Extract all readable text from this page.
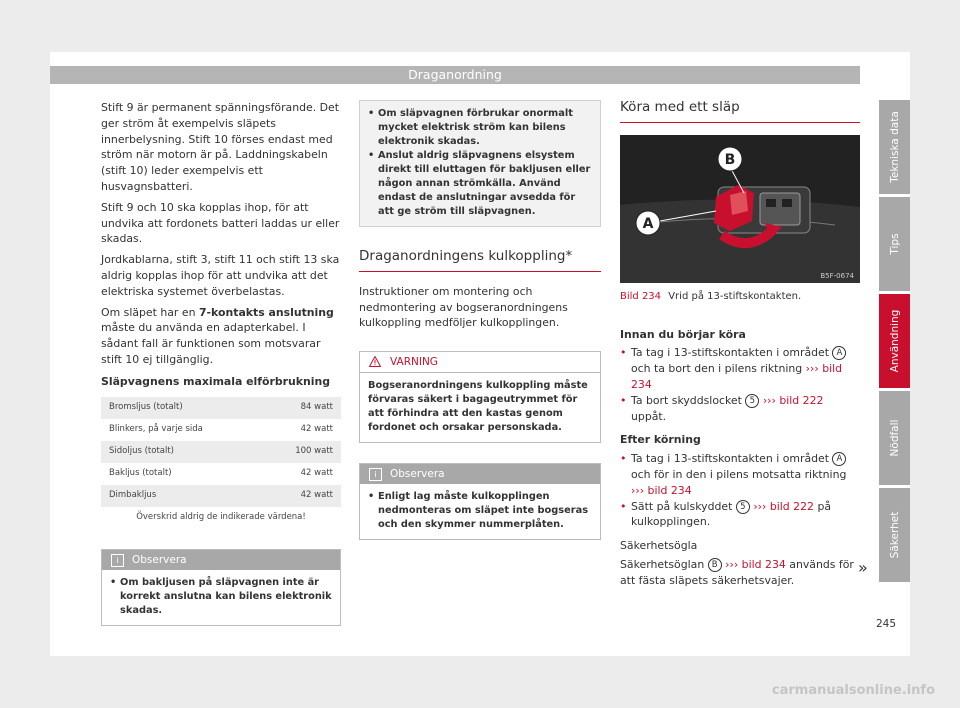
Draganordning

Stift 9 är permanent spänningsförande. Det ger ström åt exempelvis släpets innerbelysning. Stift 10 förses endast med ström när motorn är på. Laddningskabeln (stift 10) leder exempelvis ett husvagnsbatteri.

Stift 9 och 10 ska kopplas ihop, för att undvika att fordonets batteri laddas ur eller skadas.

Jordkablarna, stift 3, stift 11 och stift 13 ska aldrig kopplas ihop för att undvika att det elektriska systemet överbelastas.

Om släpet har en 7-kontakts anslutning måste du använda en adapterkabel. I sådant fall är funktionen som motsvarar stift 10 ej tillgänglig.

Släpvagnens maximala elförbrukning
Bromsljus (totalt)	84 watt
Blinkers, på varje sida	42 watt
Sidoljus (totalt)	100 watt
Bakljus (totalt)	42 watt
Dimbakljus	42 watt
Överskrid aldrig de indikerade värdena!	
i	Observera
• Om bakljusen på släpvagnen inte är korrekt anslutna kan bilens elektronik skadas.
• Om släpvagnen förbrukar onormalt mycket elektrisk ström kan bilens elektronik skadas.
• Anslut aldrig släpvagnens elsystem direkt till eluttagen för bakljusen eller någon annan strömkälla. Använd endast de anslutningar avsedda för att ge ström till släpvagnen.
Draganordningens kulkoppling*

Instruktioner om montering och nedmontering av bogseranordningens kulkoppling medföljer kulkopplingen.

VARNING
Bogseranordningens kulkoppling måste förvaras säkert i bagageutrymmet för att förhindra att den kastas genom fordonet och orsakar personskada.
i	Observera
• Enligt lag måste kulkopplingen nedmonteras om släpet inte bogseras och den skymmer nummerplåten.
Köra med ett släp
A
B
B5F-0674
Bild 234 Vrid på 13-stiftskontakten.
Innan du börjar köra
• Ta tag i 13-stiftskontakten i området A och ta bort den i pilens riktning ››› bild 234
• Ta bort skyddslocket 5 ››› bild 222 uppåt.
Efter körning
• Ta tag i 13-stiftskontakten i området A och för in den i pilens motsatta riktning ››› bild 234
• Sätt på kulskyddet 5 ››› bild 222 på kulkopplingen.
Säkerhetsögla
Säkerhetsöglan B ››› bild 234 används för att fästa släpets säkerhetsvajer.
»
Tekniska data
Tips
Användning
Nödfall
Säkerhet
245
carmanualsonline.info
